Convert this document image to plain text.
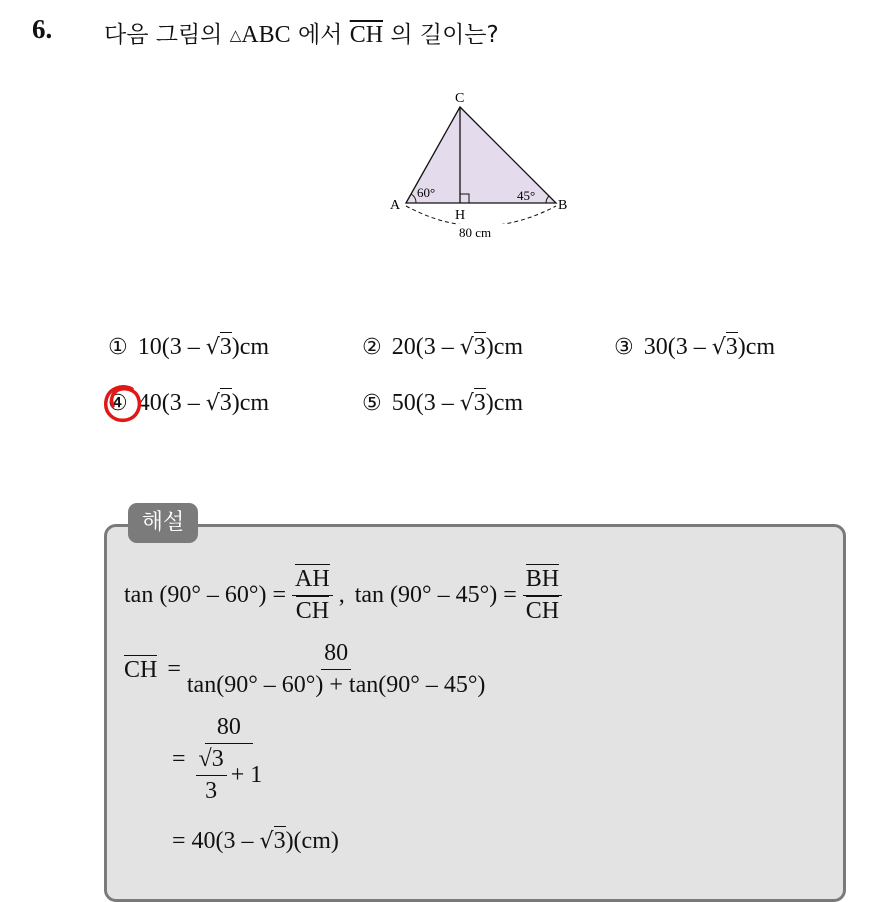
6. 다음 그림의 △ABC 에서 $\overline{CH}$ 의 길이는?
C
A	B
H
60°	45°
80 cm
① 10(3 – √3)cm	② 20(3 – √3)cm	③ 30(3 – √3)cm
④ 40(3 – √3)cm	⑤ 50(3 – √3)cm
해설
$\tan (90^\circ - 60^\circ) = \frac{AH}{CH}$ , $\tan (90^\circ - 45^\circ) = \frac{BH}{CH}$
CH = $\frac{80}{\tan(90^\circ - 60^\circ) + \tan(90^\circ - 45^\circ)}$
= $\frac{80}{\frac{√3}{3} + 1}$
= 40(3 – √3 )(cm)
